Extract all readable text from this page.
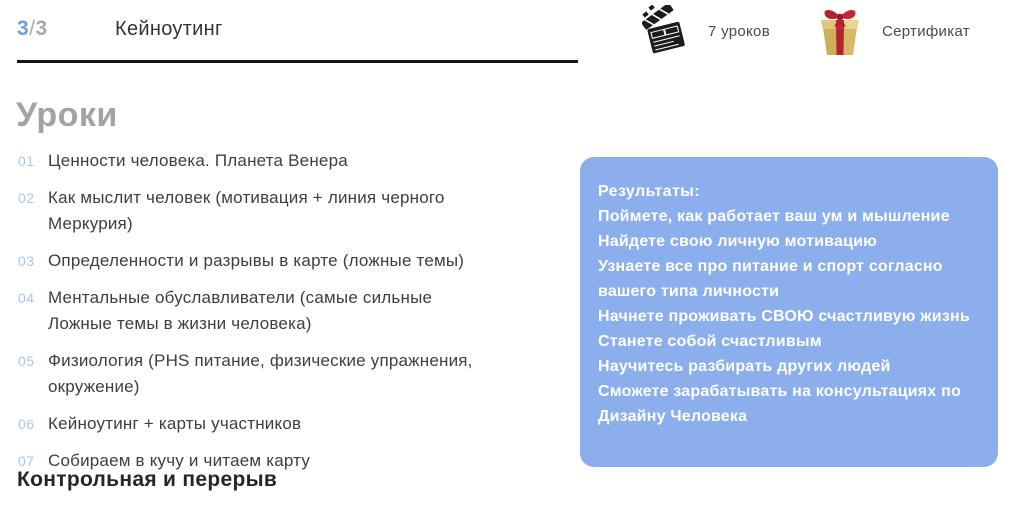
3/3	Кейноутинг	7 уроков	Сертификат
Уроки
01 Ценности человека. Планета Венера
02 Как мыслит человек (мотивация + линия черного Меркурия)
03 Определенности и разрывы в карте (ложные темы)
04 Ментальные обуславливатели (самые сильные Ложные темы в жизни человека)
05 Физиология (PHS питание, физические упражнения, окружение)
06 Кейноутинг + карты участников
07 Собираем в кучу и читаем карту
Контрольная и перерыв
Результаты:
Поймете, как работает ваш ум и мышление
Найдете свою личную мотивацию
Узнаете все про питание и спорт согласно вашего типа личности
Начнете проживать СВОЮ счастливую жизнь
Станете собой счастливым
Научитесь разбирать других людей
Сможете зарабатывать на консультациях по Дизайну Человека
